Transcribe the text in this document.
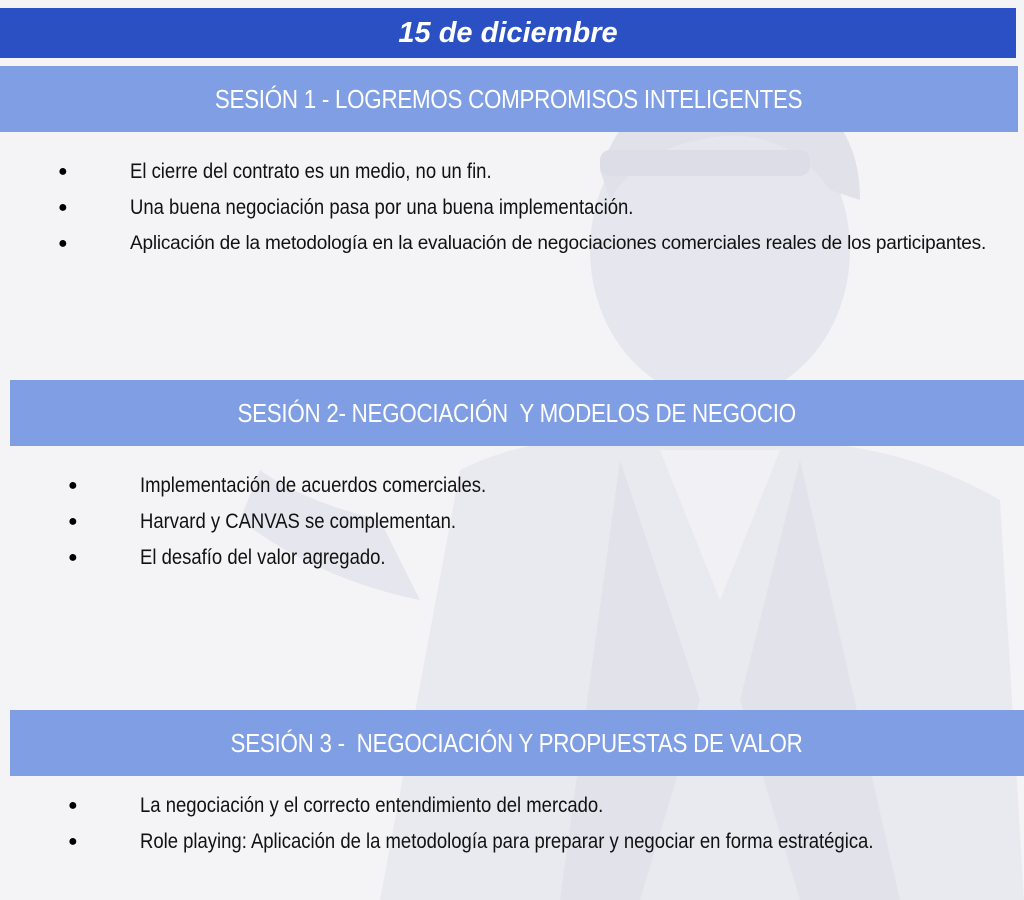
15 de diciembre
SESIÓN 1 - LOGREMOS COMPROMISOS INTELIGENTES
●	El cierre del contrato es un medio, no un fin.
●	Una buena negociación pasa por una buena implementación.
●	Aplicación de la metodología en la evaluación de negociaciones comerciales reales de los participantes.
SESIÓN 2- NEGOCIACIÓN  Y MODELOS DE NEGOCIO
●	Implementación de acuerdos comerciales.
●	Harvard y CANVAS se complementan.
●	El desafío del valor agregado.
SESIÓN 3 -  NEGOCIACIÓN Y PROPUESTAS DE VALOR
●	La negociación y el correcto entendimiento del mercado.
●	Role playing: Aplicación de la metodología para preparar y negociar en forma estratégica.
